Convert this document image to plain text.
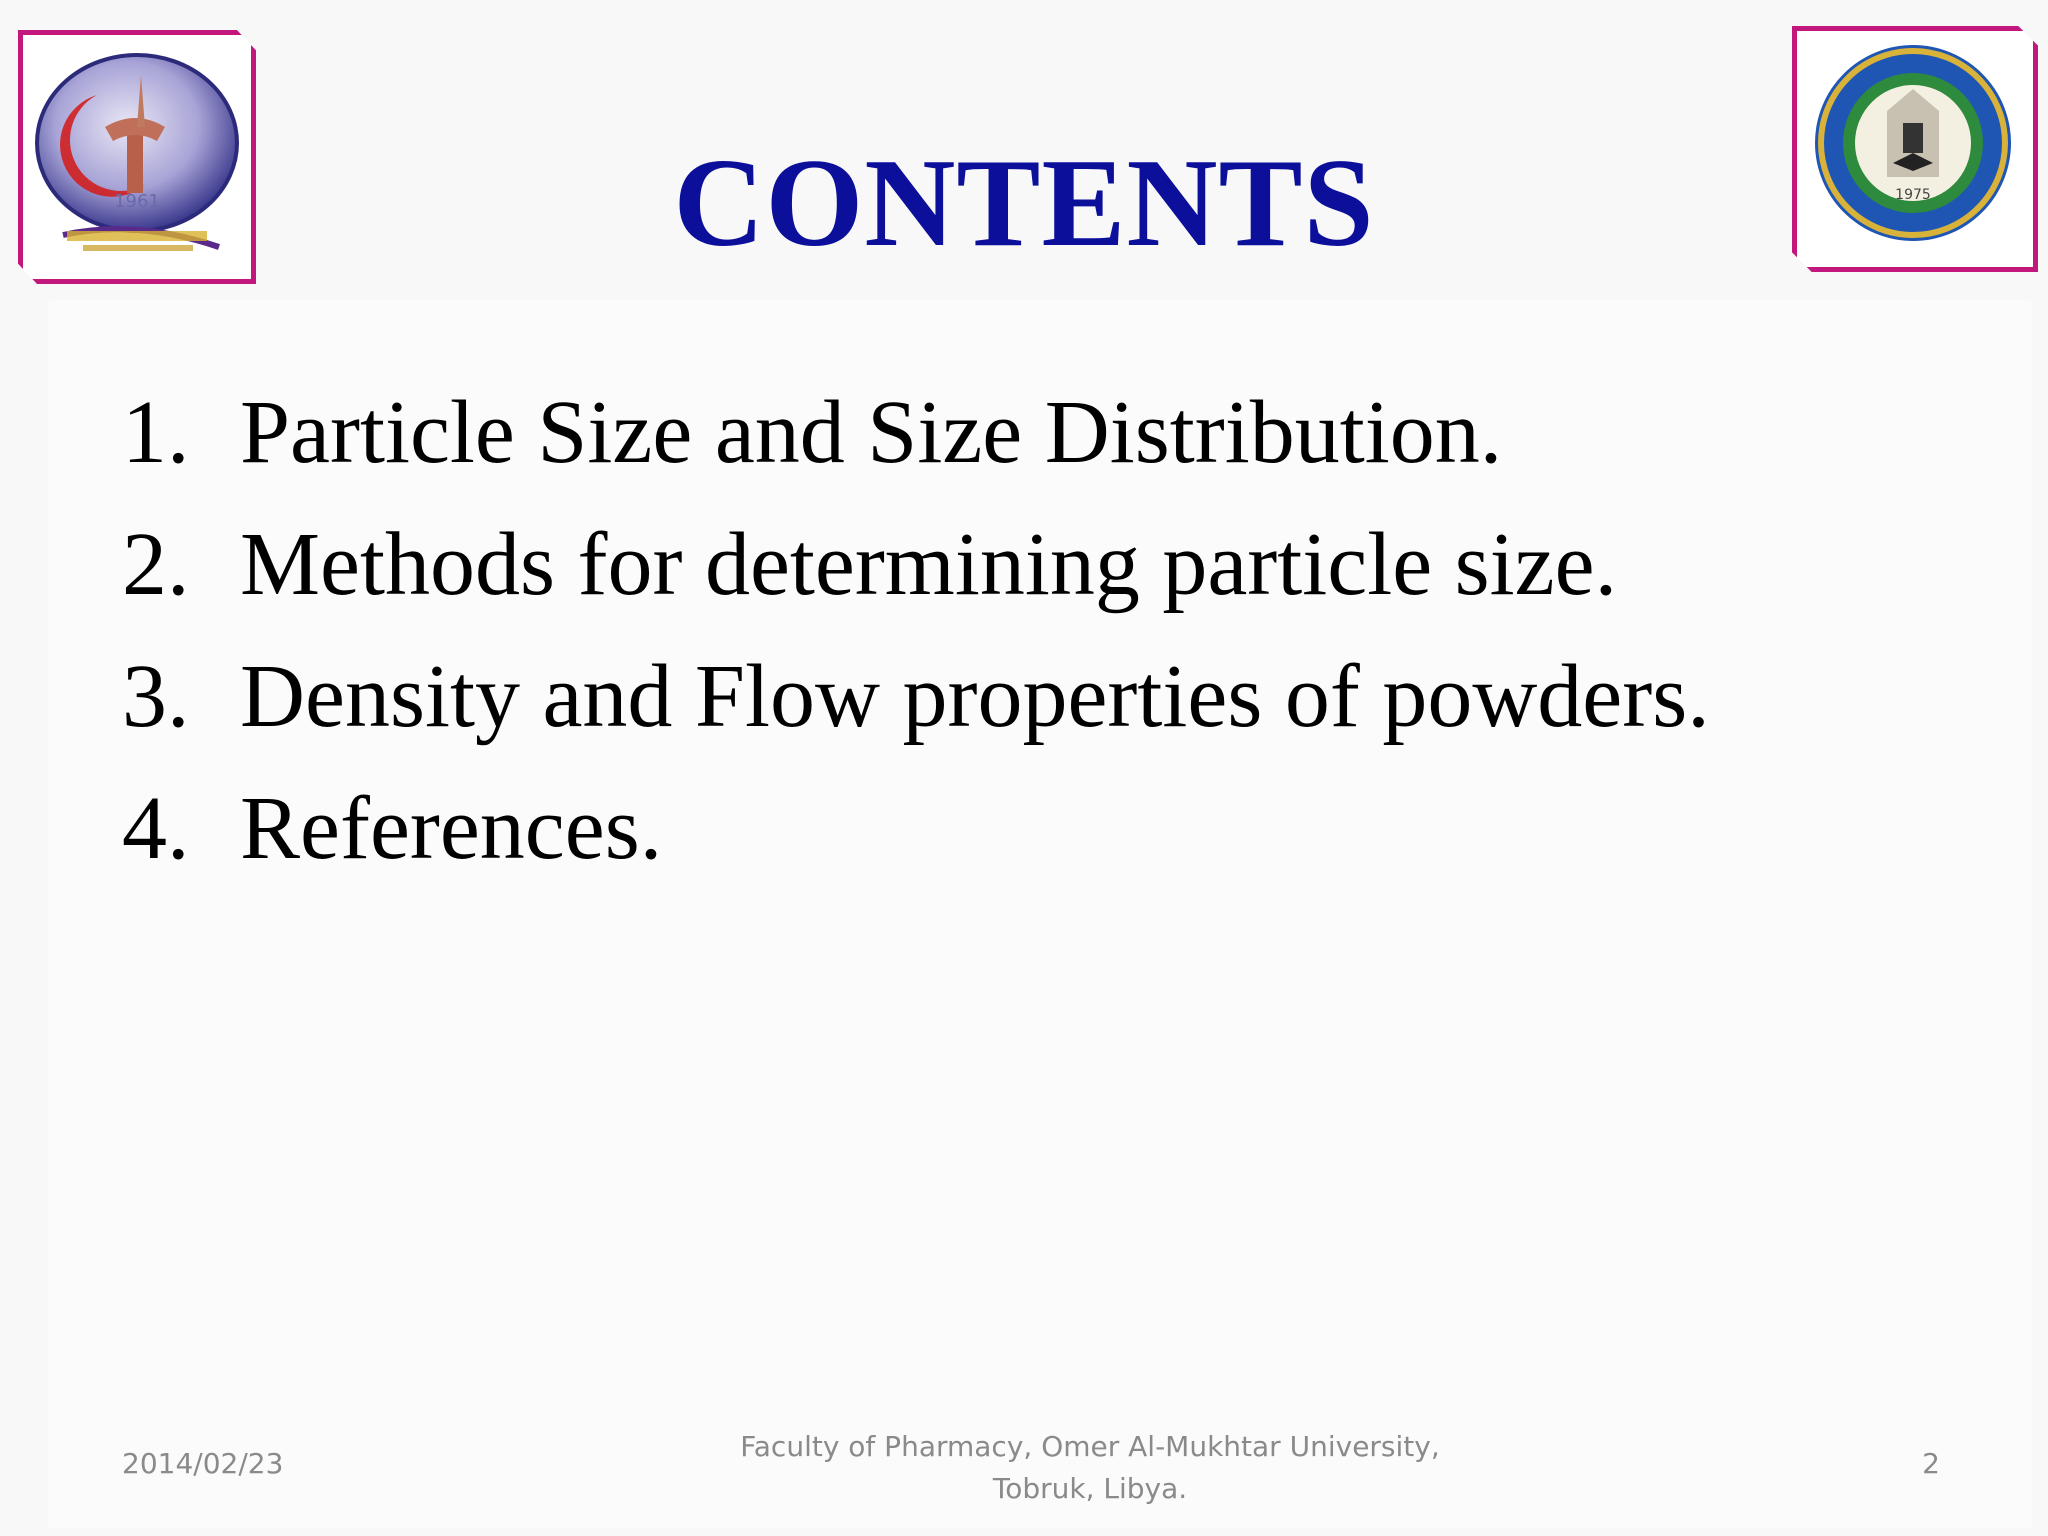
1961	1975
CONTENTS
1. Particle Size and Size Distribution.
2. Methods for determining particle size.
3. Density and Flow properties of powders.
4. References.
2014/02/23
Faculty of Pharmacy, Omer Al-Mukhtar University,
Tobruk, Libya.
2
